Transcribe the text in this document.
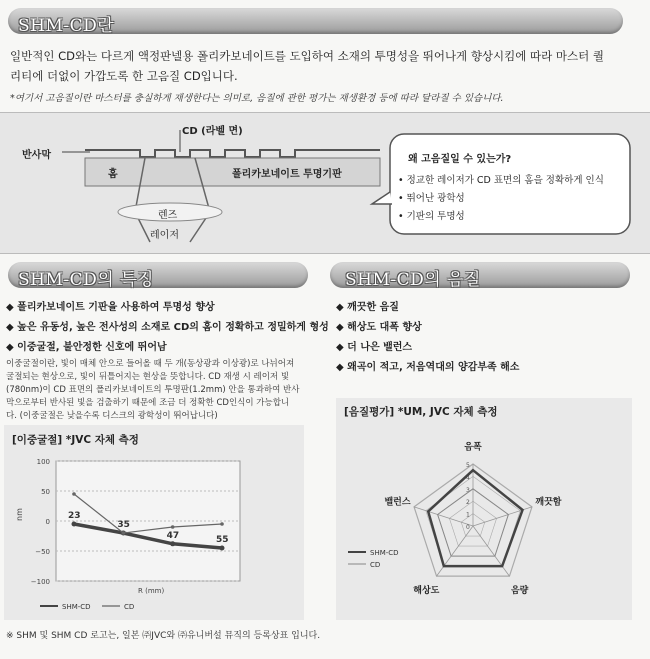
SHM-CD란
일반적인 CD와는 다르게 액정판넬용 폴리카보네이트를 도입하여 소재의 투명성을 뛰어나게 향상시킴에 따라 마스터 퀄
리티에 더없이 가깝도록 한 고음질 CD입니다.
*여기서 고음질이란 마스터를 충실하게 재생한다는 의미로, 음질에 관한 평가는 재생환경 등에 따라 달라질 수 있습니다.
CD (라벨 면)
반사막
홈	폴리카보네이트 투명기판
렌즈
레이저
왜 고음질일 수 있는가?
• 정교한 레이저가 CD 표면의 홈을 정확하게 인식
• 뛰어난 광학성
• 기판의 투명성
SHM-CD의 특징	SHM-CD의 음질
◆ 폴리카보네이트 기판을 사용하여 투명성 향상
◆ 높은 유동성, 높은 전사성의 소재로 CD의 홈이 정확하고 정밀하게 형성
◆ 이중굴절, 불안정한 신호에 뛰어남
이중굴절이란, 빛이 매체 안으로 들어올 때 두 개(동상광과 이상광)로 나뉘어져
굴절되는 현상으로, 빛이 뒤틀어지는 현상을 뜻합니다. CD 재생 시 레이저 빛
(780nm)이 CD 표면의 폴리카보네이트의 투명판(1.2mm) 안을 통과하여 반사
막으로부터 반사된 빛을 검출하기 때문에 조금 더 정확한 CD인식이 가능합니
다. (이중굴절은 낮을수록 디스크의 광학성이 뛰어납니다)
◆ 깨끗한 음질
◆ 해상도 대폭 향상
◆ 더 나은 밸런스
◆ 왜곡이 적고, 저음역대의 양감부족 해소
[이중굴절] *JVC 자체 측정
100
50
0
−50
−100
nm
R (mm)
23
35
47	55
SHM-CD	CD
[음질평가] *UM, JVC 자체 측정
음폭
깨끗함
음량
해상도
밸런스
5
4
3
2
1
0
SHM-CD
CD
※ SHM 및 SHM CD 로고는, 일본 ㈜JVC와 ㈜유니버설 뮤직의 등록상표 입니다.
